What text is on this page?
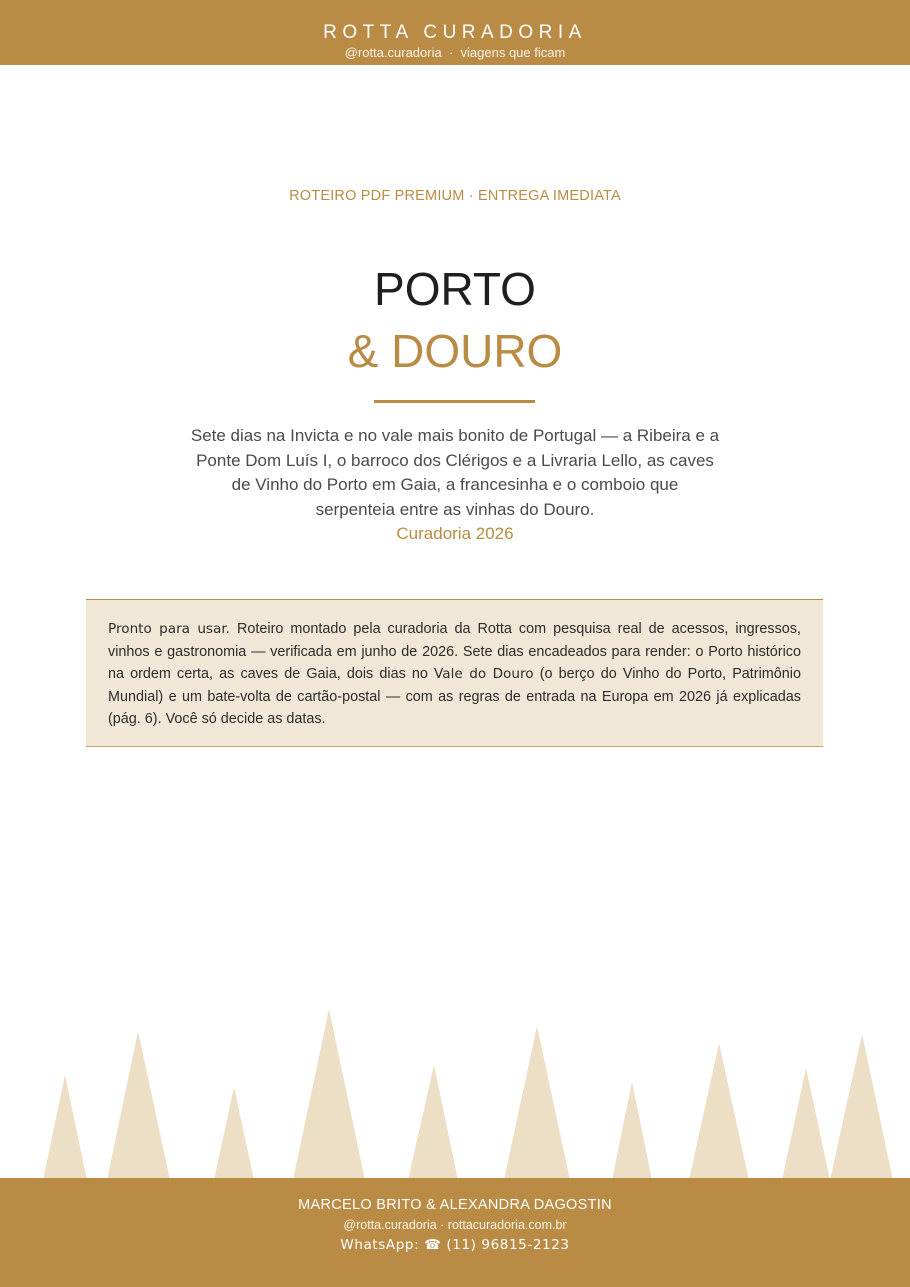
ROTTA CURADORIA
@rotta.curadoria · viagens que ficam
ROTEIRO PDF PREMIUM · ENTREGA IMEDIATA
PORTO
& DOURO
Sete dias na Invicta e no vale mais bonito de Portugal — a Ribeira e a Ponte Dom Luís I, o barroco dos Clérigos e a Livraria Lello, as caves de Vinho do Porto em Gaia, a francesinha e o comboio que serpenteia entre as vinhas do Douro.
Curadoria 2026

Pronto para usar. Roteiro montado pela curadoria da Rotta com pesquisa real de acessos, ingressos, vinhos e gastronomia — verificada em junho de 2026. Sete dias encadeados para render: o Porto histórico na ordem certa, as caves de Gaia, dois dias no Vale do Douro (o berço do Vinho do Porto, Patrimônio Mundial) e um bate-volta de cartão-postal — com as regras de entrada na Europa em 2026 já explicadas (pág. 6). Você só decide as datas.

MARCELO BRITO & ALEXANDRA DAGOSTIN
@rotta.curadoria · rottacuradoria.com.br
WhatsApp: ☎ (11) 96815-2123
